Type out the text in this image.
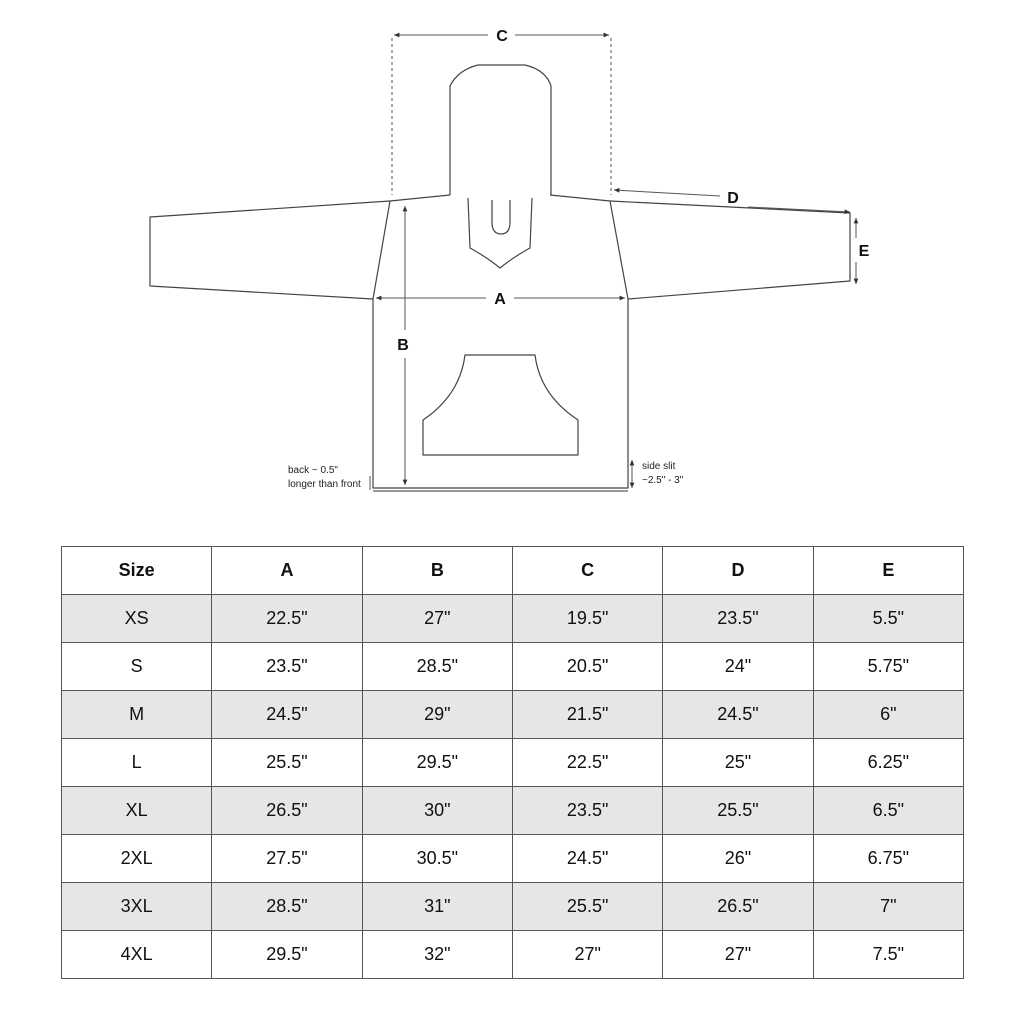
C
A
B
D
E
back ~ 0.5"
longer than front
side slit
~2.5" - 3"
Size	A	B	C	D	E
XS	22.5"	27"	19.5"	23.5"	5.5"
S	23.5"	28.5"	20.5"	24"	5.75"
M	24.5"	29"	21.5"	24.5"	6"
L	25.5"	29.5"	22.5"	25"	6.25"
XL	26.5"	30"	23.5"	25.5"	6.5"
2XL	27.5"	30.5"	24.5"	26"	6.75"
3XL	28.5"	31"	25.5"	26.5"	7"
4XL	29.5"	32"	27"	27"	7.5"
